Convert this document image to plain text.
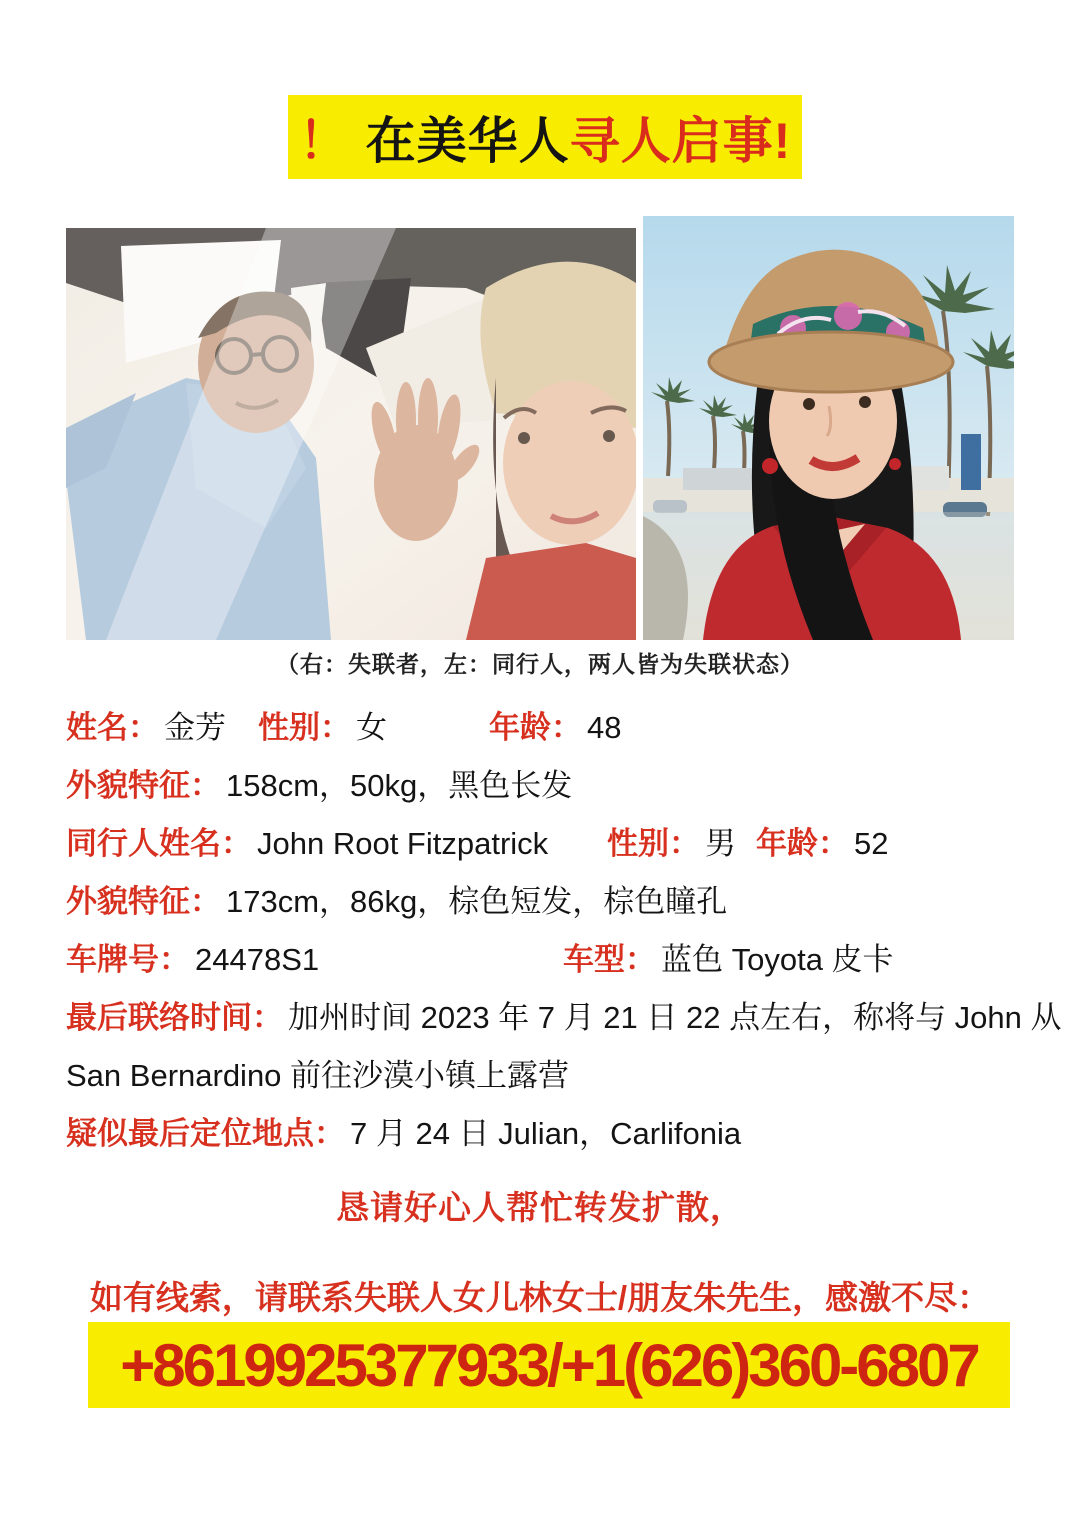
！ 在美华人 寻人启事!
（右：失联者，左：同行人，两人皆为失联状态）
姓名： 金芳 性别： 女	年龄： 48
外貌特征： 158cm，50kg，黑色长发
同行人姓名： John Root Fitzpatrick 性别： 男 年龄： 52
外貌特征： 173cm，86kg，棕色短发，棕色瞳孔
车牌号： 24478S1	车型： 蓝色 Toyota 皮卡
最后联络时间： 加州时间 2023 年 7 月 21 日 22 点左右，称将与 John 从
San Bernardino 前往沙漠小镇上露营
疑似最后定位地点： 7 月 24 日 Julian，Carlifonia
恳请好心人帮忙转发扩散，
如有线索，请联系失联人女儿林女士/朋友朱先生，感激不尽：
+8619925377933/+1(626)360-6807
